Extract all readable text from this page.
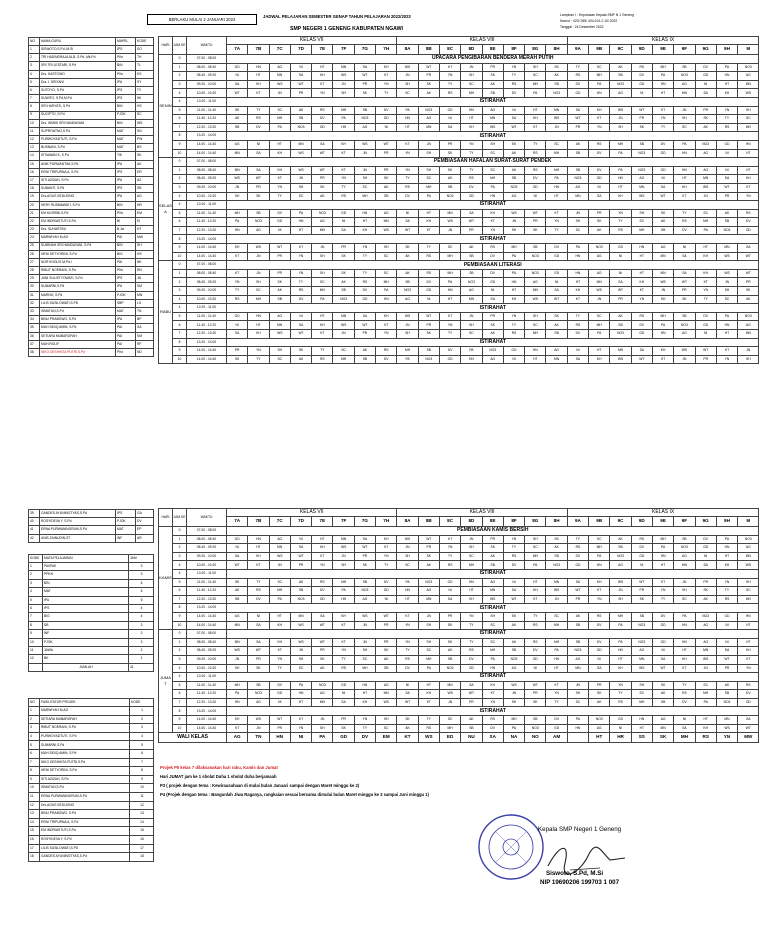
BERLAKU MULAI 2 JANUARI 2023
JADWAL PELAJARAN SEMESTER GENAP TAHUN PELAJARAN 2022/2023
SMP NEGERI 1 GENENG KABUPATEN NGAWI
Lampiran I : Keputusan Kepala SMP N 1 Geneng
Nomor : 420/ 265/ 404.201.2.10/ 2022
Tanggal : 24 Desember 2022
NO	NAMA GURU	MAPEL	KODE
1	SISWOTO,S.Pd.,M.Si	IPS	SO
2	TRI HADINDRAJAJA,B.,S.Pd.,Mk.Pd	PKn	TH
3	SRI TRI LESTARI, S.Pd	BIN	TL
4	Drs. KASTOWO	PKn	KS
5	Dra. I. SRIYANI	IPA	SY
6	SUTOYO, S.Pd	IPS	TY
7	SUWITO, S.Pd.M.Pd	IPS	WI
8	SRI HARYATI, S.Pd	BIN	HS
9	SUCIPTO, S.Pd	PJOK	SC
10	Drs. WIWIK SRI HANDAYANI	BIN	WS
11	SUPRIYATNO,S.Pd	MAT	SN
12	PURWOYADTUTI, S.Pd	MAT	PW
13	BUSNANI, S.Pd	MAT	BS
14	SITIAWAN K, S.Pd	TIK	SK
15	ANIK PURWANTINI,S.Pd	IPA	AK
16	ERNI TRIPURNA A, S.Pd	IPS	ER
17	SITI AZIZAH, S.Pd	IPA	AZ
18	SUBANTI, S.Pd	IPS	SB
19	Drs.AGUS SEDIJONO	IPA	AG
20	HERY RUSMAWATI, S.Pd	BIN	HR
21	EM KUSRINI,S.Pd	PKn	EM
22	EM INDRIASTUTI,S.Pd	BI	EI
23	Drs. SUHARTINI	B.Jw	HT
24	MARWIYAH M.AG	PAI	MW
25	SUMINAH SRI HANDAYANI, S.Pd	BIN	SH
26	HENI SETYORINI, S.Pd	BIG	HS
27	NOR KHOLIS M.Pd.I	PAI	NK
28	RIBUT NOERANI, S.Pd	PKn	RN
29	JUNI SULISTYOWATI, S.Pd	IPS	JN
30	SUMARNI,S.Pd	IPA	SM
31	MARNO, S.Pd	PJOK	MN
32	LILIS SUSILOWATI,S.PD	SBP	LS
33	ISMATUN,S.Pd	MAT	TN
34	BINU PRABOWO, S.Pd	IPA	BP
35	MUH SIDIQ AMIN, S.Pd	PAI	SA
36	SETIARA MUBAROFAH	PAI	SM
37	MUH.ROLIF	PAI	RF
38	NIKO DESHINTA PUTRI,S.Pd	PKn	ND
HARI	JAM KE	WAKTU	KELAS VII								KELAS VIII								KELAS IX								
			7A	7B	7C	7D	7E	7F	7G	7H	8A	8B	8C	8D	8E	8F	8G	8H	9A	9B	9C	9D	9E	9F	9G	9H	9I
SENIN	0	07.00 - 08.00	UPACARA PENGIBARAN BENDERA MERAH PUTIH																								
	1	08.00 - 08.40	GD	HN	AG	NI	HT	MN	SA	KH	WS	WT	KT	JN	PR	YN	SH	SK	TY	SC	AK	RS	MH	SB	DV	PA	NO3
	2	08.40 - 09.20	NI	HT	MN	SA	KH	WS	WT	KT	JN	PR	YN	SH	SK	TY	SC	AK	RS	MH	SB	DV	PA	NO3	GD	HN	AG
	3	09.20 - 10.00	SA	KH	WS	WT	KT	JN	PR	YN	SH	SK	TY	SC	AK	RS	MH	SB	DV	PA	NO3	GD	HN	AG	NI	HT	MN
	4	10.00 - 10.20	WT	KT	JN	PR	YN	SH	SK	TY	SC	AK	RS	MH	SB	DV	PA	NO3	GD	HN	AG	NI	HT	MN	SA	KH	WS
	4	10.20 - 11.00	ISTIRAHAT																								
	5	11.00 - 11.40	SK	TY	SC	AK	RS	MH	SB	DV	PA	NO3	GD	HN	AG	NI	HT	MN	SA	KH	WS	WT	KT	JN	PR	YN	SH
	6	11.40 - 12.20	AK	RS	MH	SB	DV	PA	NO3	GD	HN	AG	NI	HT	MN	SA	KH	WS	WT	KT	JN	PR	YN	SH	SK	TY	SC
	7	12.20 - 13.20	SB	DV	PA	NO3	GD	HN	AG	NI	HT	MN	SA	KH	WS	WT	KT	JN	PR	YN	SH	SK	TY	SC	AK	RS	MH
	8	13.20 - 14.00	ISTIRAHAT																								
	9	14.00 - 14.40	AG	NI	HT	MN	SA	KH	WS	WT	KT	JN	PR	YN	SH	SK	TY	SC	AK	RS	MH	SB	DV	PA	NO3	GD	HN
	10	14.00 - 14.40	MN	SA	KH	WS	WT	KT	JN	PR	YN	SH	SK	TY	SC	AK	RS	MH	SB	DV	PA	NO3	GD	HN	AG	NI	HT
SELASA	0	07.00 - 08.00	PEMBIASAAN HAFALAN SURAT-SURAT PENDEK																								
	1	08.00 - 08.40	MN	SA	KH	WS	WT	KT	JN	PR	YN	SH	SK	TY	SC	AK	RS	MH	SB	DV	PA	NO3	GD	HN	AG	NI	HT
	2	08.40 - 09.20	WS	WT	KT	JN	PR	YN	SH	SK	TY	SC	AK	RS	MH	SB	DV	PA	NO3	GD	HN	AG	NI	HT	MN	SA	KH
	3	09.20 - 10.00	JN	PR	YN	SH	SK	TY	SC	AK	RS	MH	SB	DV	PA	NO3	GD	HN	AG	NI	HT	MN	SA	KH	WS	WT	KT
	4	10.00 - 10.20	SH	SK	TY	SC	AK	RS	MH	SB	DV	PA	NO3	GD	HN	AG	NI	HT	MN	SA	KH	WS	WT	KT	JN	PR	YN
	4	10.20 - 11.00	ISTIRAHAT																								
	5	11.00 - 11.40	MH	SB	DV	PA	NO3	GD	HN	AG	NI	HT	MN	SA	KH	WS	WT	KT	JN	PR	YN	SH	SK	TY	SC	AK	RS
	6	11.40 - 12.20	PA	NO3	GD	HN	AG	NI	HT	MN	SA	KH	WS	WT	KT	JN	PR	YN	SH	SK	TY	SC	AK	RS	MH	SB	DV
	7	12.20 - 13.20	HN	AG	NI	HT	MN	SA	KH	WS	WT	KT	JN	PR	YN	SH	SK	TY	SC	AK	RS	MH	SB	DV	PA	NO3	GD
	8	13.20 - 14.00	ISTIRAHAT																								
	9	14.00 - 14.40	KH	WS	WT	KT	JN	PR	YN	SH	SK	TY	SC	AK	RS	MH	SB	DV	PA	NO3	GD	HN	AG	NI	HT	MN	SA
	10	14.00 - 14.40	KT	JN	PR	YN	SH	SK	TY	SC	AK	RS	MH	SB	DV	PA	NO3	GD	HN	AG	NI	HT	MN	SA	KH	WS	WT
RABU	0	07.00 - 08.00	PEMBIASAAN LITERASI																								
	1	08.00 - 08.40	KT	JN	PR	YN	SH	SK	TY	SC	AK	RS	MH	SB	DV	PA	NO3	GD	HN	AG	NI	HT	MN	SA	KH	WS	WT
	2	08.40 - 09.20	YN	SH	SK	TY	SC	AK	RS	MH	SB	DV	PA	NO3	GD	HN	AG	NI	HT	MN	SA	KH	WS	WT	KT	JN	PR
	3	09.20 - 10.00	TY	SC	AK	RS	MH	SB	DV	PA	NO3	GD	HN	AG	NI	HT	MN	SA	KH	WS	WT	KT	JN	PR	YN	SH	SK
	4	10.00 - 10.20	RS	MH	SB	DV	PA	NO3	GD	HN	AG	NI	HT	MN	SA	KH	WS	WT	KT	JN	PR	YN	SH	SK	TY	SC	AK
	4	10.20 - 11.00	ISTIRAHAT																								
	5	11.00 - 11.40	GD	HN	AG	NI	HT	MN	SA	KH	WS	WT	KT	JN	PR	YN	SH	SK	TY	SC	AK	RS	MH	SB	DV	PA	NO3
	6	11.40 - 12.20	NI	HT	MN	SA	KH	WS	WT	KT	JN	PR	YN	SH	SK	TY	SC	AK	RS	MH	SB	DV	PA	NO3	GD	HN	AG
	7	12.20 - 13.20	SA	KH	WS	WT	KT	JN	PR	YN	SH	SK	TY	SC	AK	RS	MH	SB	DV	PA	NO3	GD	HN	AG	NI	HT	MN
	8	13.20 - 14.00	ISTIRAHAT																								
	9	14.00 - 14.40	PR	YN	SH	SK	TY	SC	AK	RS	MH	SB	DV	PA	NO3	GD	HN	AG	NI	HT	MN	SA	KH	WS	WT	KT	JN
	10	14.00 - 14.40	SK	TY	SC	AK	RS	MH	SB	DV	PA	NO3	GD	HN	AG	NI	HT	MN	SA	KH	WS	WT	KT	JN	PR	YN	SH
39	GANDES AYUNINGTYAS,S.Pd	IPS	GA
40	ROSYIDEVA Y, S.Pd	PJOK	DV
41	ERNA PURWANINGRUM,S.Pd	MAT	EP
42	ANIS ZAINUDIN,ST	INF	AR
KODE	MATA PELAJARAN	JAM
1	PAI/PAK	3
2	PPKN	3
3	BIN	6
4	MAT	5
5	IPA	5
6	IPS	4
7	BIG	4
8	SB	3
9	INF	2
10	PJOK	3
11	JAWA	2
12	BK	1
	JUMLAH	41
NO	FASILITATOR PROJEK	KODE
1	MARWIYAH M.AG	1
2	SETIARA MUBAROFAH	2
3	RIBUT NOERANI, S.Pd	3
4	PURWOYADTUTI, S.Pd	4
5	SUMARNI,S.Pd	5
6	MUH SIDIQ AMIN, S.Pd	6
7	NIKO DESHINTA PUTRI,S.Pd	7
8	HENI SETYORINI, S.Pd	8
9	SITI AZIZAH, S.Pd	9
10	ISMATUN,S.Pd	10
11	ERNA PURWANINGRUM,S.Pd	11
12	Drs.AGUS SEDIJONO	12
13	BINU PRABOWO, S.Pd	13
14	ERNI TRIPURNA A, S.Pd	14
15	EM INDRIASTUTI,S.Pd	15
16	ROSYIDEVA Y, S.Pd	16
17	LILIS SUSILOWATI,S.PD	17
18	GANDES AYUNINGTYAS,S.Pd	18
HARI	JAM KE	WAKTU	KELAS VII								KELAS VIII								KELAS IX								
			7A	7B	7C	7D	7E	7F	7G	7H	8A	8B	8C	8D	8E	8F	8G	8H	9A	9B	9C	9D	9E	9F	9G	9H	9I
KAMIS	0	07.00 - 08.00	PEMBIASAAN KAMIS BERSIH																								
	1	08.00 - 08.40	GD	HN	AG	NI	HT	MN	SA	KH	WS	WT	KT	JN	PR	YN	SH	SK	TY	SC	AK	RS	MH	SB	DV	PA	NO3
	2	08.40 - 09.20	NI	HT	MN	SA	KH	WS	WT	KT	JN	PR	YN	SH	SK	TY	SC	AK	RS	MH	SB	DV	PA	NO3	GD	HN	AG
	3	09.20 - 10.00	SA	KH	WS	WT	KT	JN	PR	YN	SH	SK	TY	SC	AK	RS	MH	SB	DV	PA	NO3	GD	HN	AG	NI	HT	MN
	4	10.00 - 10.20	WT	KT	JN	PR	YN	SH	SK	TY	SC	AK	RS	MH	SB	DV	PA	NO3	GD	HN	AG	NI	HT	MN	SA	KH	WS
	4	10.20 - 11.00	ISTIRAHAT																								
	5	11.00 - 11.40	SK	TY	SC	AK	RS	MH	SB	DV	PA	NO3	GD	HN	AG	NI	HT	MN	SA	KH	WS	WT	KT	JN	PR	YN	SH
	6	11.40 - 12.20	AK	RS	MH	SB	DV	PA	NO3	GD	HN	AG	NI	HT	MN	SA	KH	WS	WT	KT	JN	PR	YN	SH	SK	TY	SC
	7	12.20 - 13.20	SB	DV	PA	NO3	GD	HN	AG	NI	HT	MN	SA	KH	WS	WT	KT	JN	PR	YN	SH	SK	TY	SC	AK	RS	MH
	8	13.20 - 14.00	ISTIRAHAT																								
	9	14.00 - 14.40	AG	NI	HT	MN	SA	KH	WS	WT	KT	JN	PR	YN	SH	SK	TY	SC	AK	RS	MH	SB	DV	PA	NO3	GD	HN
	10	14.00 - 14.40	MN	SA	KH	WS	WT	KT	JN	PR	YN	SH	SK	TY	SC	AK	RS	MH	SB	DV	PA	NO3	GD	HN	AG	NI	HT
JUMAT	0	07.00 - 08.00	ISTIRAHAT																								
	1	08.00 - 08.40	MN	SA	KH	WS	WT	KT	JN	PR	YN	SH	SK	TY	SC	AK	RS	MH	SB	DV	PA	NO3	GD	HN	AG	NI	HT
	2	08.40 - 09.20	WS	WT	KT	JN	PR	YN	SH	SK	TY	SC	AK	RS	MH	SB	DV	PA	NO3	GD	HN	AG	NI	HT	MN	SA	KH
	3	09.20 - 10.00	JN	PR	YN	SH	SK	TY	SC	AK	RS	MH	SB	DV	PA	NO3	GD	HN	AG	NI	HT	MN	SA	KH	WS	WT	KT
	4	10.00 - 10.20	SH	SK	TY	SC	AK	RS	MH	SB	DV	PA	NO3	GD	HN	AG	NI	HT	MN	SA	KH	WS	WT	KT	JN	PR	YN
	4	10.20 - 11.00	ISTIRAHAT																								
	5	11.00 - 11.40	MH	SB	DV	PA	NO3	GD	HN	AG	NI	HT	MN	SA	KH	WS	WT	KT	JN	PR	YN	SH	SK	TY	SC	AK	RS
	6	11.40 - 12.20	PA	NO3	GD	HN	AG	NI	HT	MN	SA	KH	WS	WT	KT	JN	PR	YN	SH	SK	TY	SC	AK	RS	MH	SB	DV
	7	12.20 - 13.20	HN	AG	NI	HT	MN	SA	KH	WS	WT	KT	JN	PR	YN	SH	SK	TY	SC	AK	RS	MH	SB	DV	PA	NO3	GD
	8	13.20 - 14.00	ISTIRAHAT																								
	9	14.00 - 14.40	KH	WS	WT	KT	JN	PR	YN	SH	SK	TY	SC	AK	RS	MH	SB	DV	PA	NO3	GD	HN	AG	NI	HT	MN	SA
	10	14.00 - 14.40	KT	JN	PR	YN	SH	SK	TY	SC	AK	RS	MH	SB	DV	PA	NO3	GD	HN	AG	NI	HT	MN	SA	KH	WS	WT
WALI KELAS			AG	TN	HN	NI	PA	GD	DV	EM	KT	WS	ED	NU	SA	NA	NO	AM		HT	HR	SS	SK	MH	RS	YN	MW
Projek P5 kelas 7 dilaksanakan hari rabu, Kamis dan Jumat
Hari JUMAT jam ke 1 sholat Duha 1 sholat duha berjamaah
P3 ( projek dengan tema : Kewirausahaan di mulai bulan Januari sampai dengan Maret minggu ke 2)
P4 (Projek dengan tema : Bangunlah Jiwa Raganya, rangkaian sesuai bersama dimulai bulan Maret minggu ke 3 sampai Juni minggu 1)
Kepala SMP Negeri 1 Geneng
Siswoto, S.Pd, M.Si
NIP 19690206 199703 1 007
